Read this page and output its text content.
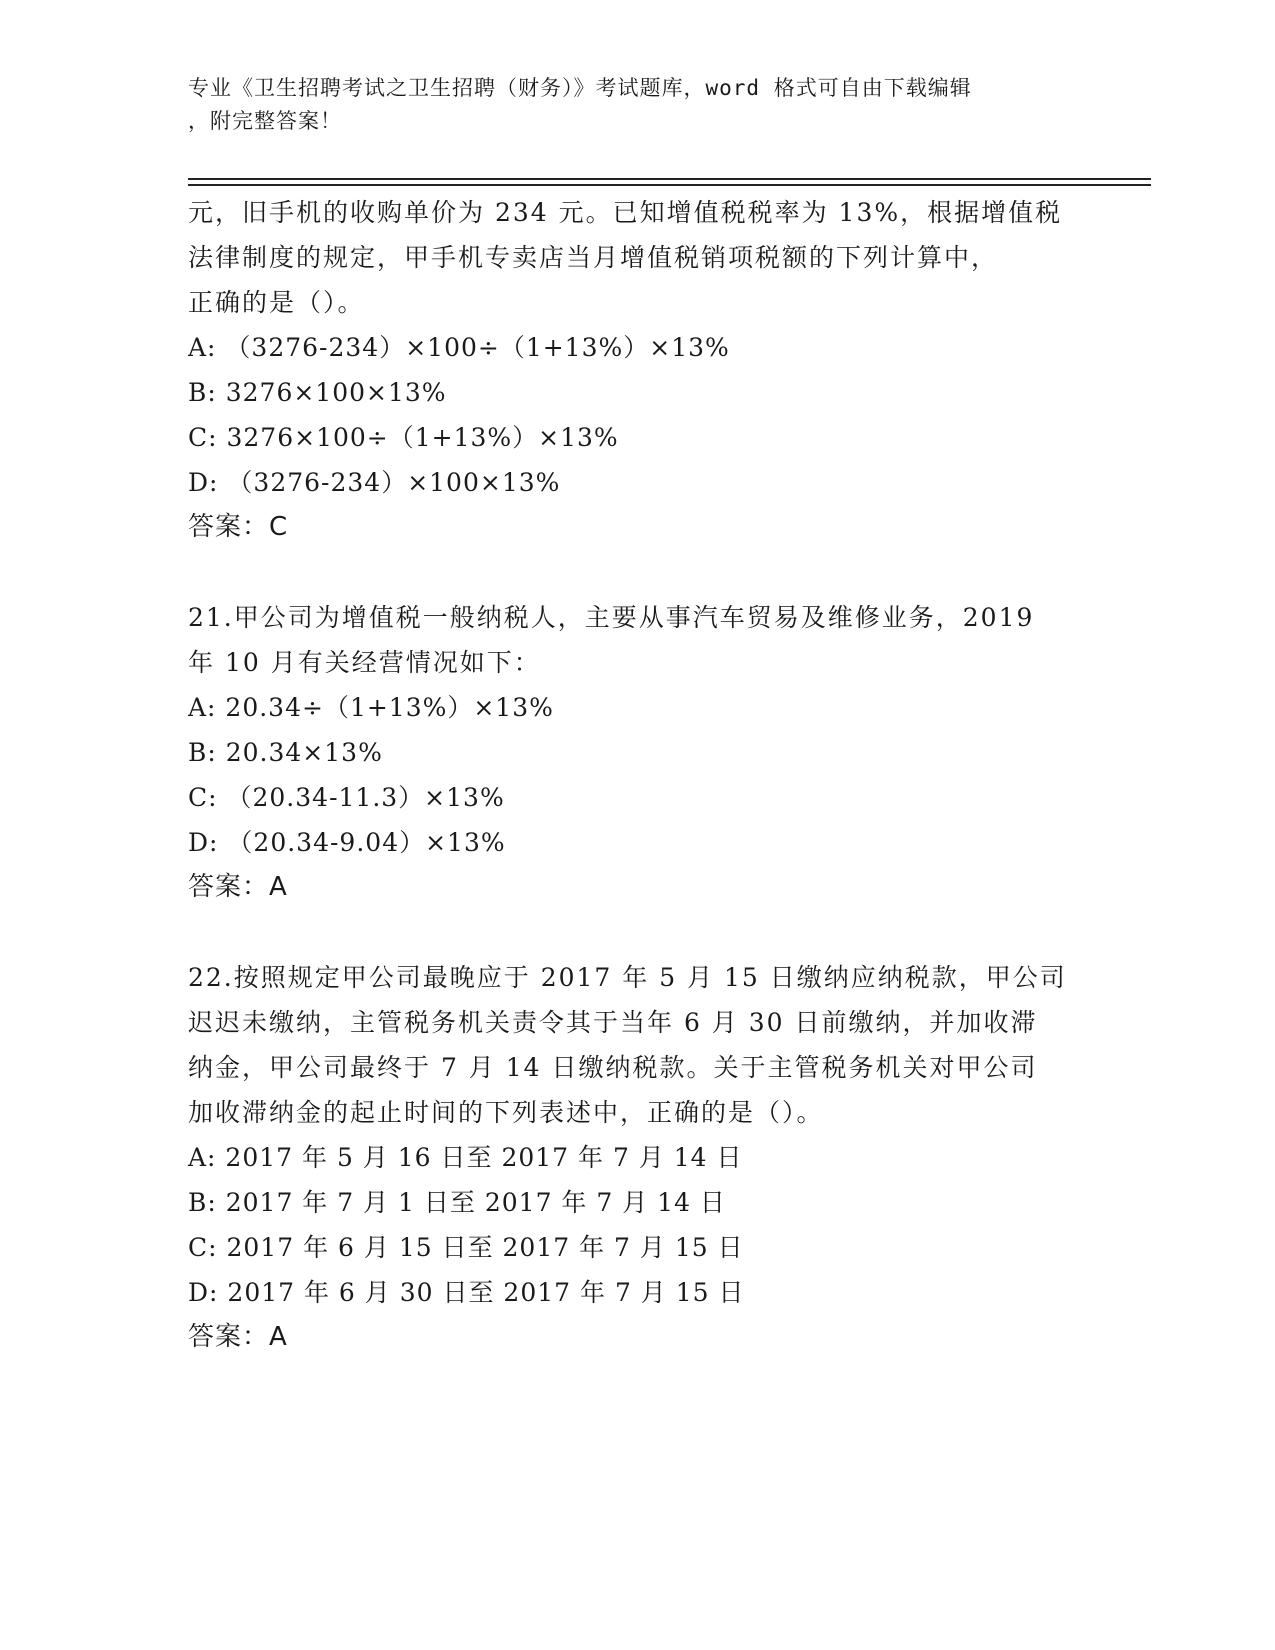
专业《卫生招聘考试之卫生招聘（财务）》考试题库，word 格式可自由下载编辑
，附完整答案！
元，旧手机的收购单价为 234 元。已知增值税税率为 13%，根据增值税
法律制度的规定，甲手机专卖店当月增值税销项税额的下列计算中，
正确的是（）。
A: （3276-234）×100÷（1+13%）×13%
B: 3276×100×13%
C: 3276×100÷（1+13%）×13%
D: （3276-234）×100×13%
答案：C
21.甲公司为增值税一般纳税人，主要从事汽车贸易及维修业务，2019
年 10 月有关经营情况如下：
A: 20.34÷（1+13%）×13%
B: 20.34×13%
C: （20.34-11.3）×13%
D: （20.34-9.04）×13%
答案：A
22.按照规定甲公司最晚应于 2017 年 5 月 15 日缴纳应纳税款，甲公司
迟迟未缴纳，主管税务机关责令其于当年 6 月 30 日前缴纳，并加收滞
纳金，甲公司最终于 7 月 14 日缴纳税款。关于主管税务机关对甲公司
加收滞纳金的起止时间的下列表述中，正确的是（）。
A: 2017 年 5 月 16 日至 2017 年 7 月 14 日
B: 2017 年 7 月 1 日至 2017 年 7 月 14 日
C: 2017 年 6 月 15 日至 2017 年 7 月 15 日
D: 2017 年 6 月 30 日至 2017 年 7 月 15 日
答案：A
